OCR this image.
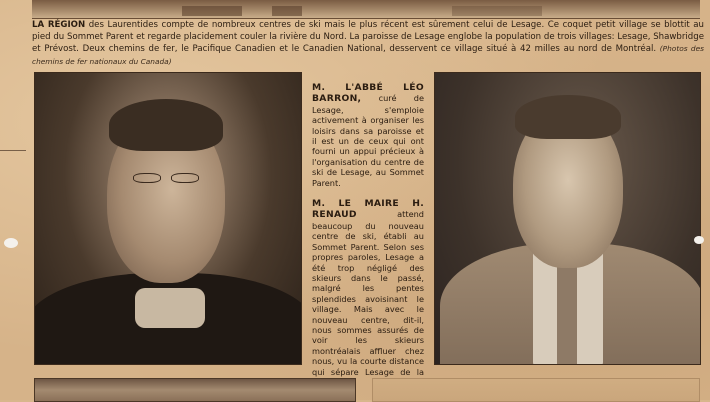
LA RÉGION des Laurentides compte de nombreux centres de ski mais le plus récent est sûrement celui de Lesage. Ce coquet petit village se blottit au pied du Sommet Parent et regarde placidement couler la rivière du Nord. La paroisse de Lesage englobe la population de trois villages: Lesage, Shawbridge et Prévost. Deux chemins de fer, le Pacifique Canadien et le Canadien National, desservent ce village situé à 42 milles au nord de Montréal. (Photos des chemins de fer nationaux du Canada)

M. L'ABBÉ LÉO BARRON, curé de Lesage, s'emploie activement à organiser les loisirs dans sa paroisse et il est un de ceux qui ont fourni un appui précieux à l'organisation du centre de ski de Lesage, au Sommet Parent.

M. LE MAIRE H. RENAUD	attend beaucoup du nouveau centre de ski, établi au Sommet Parent. Selon ses propres paroles, Lesage a été trop négligé des skieurs dans le passé, malgré les pentes splendides avoisinant le village. Mais avec le nouveau centre, dit-il, nous sommes assurés de voir les skieurs montréalais affluer chez nous, vu la courte distance qui sépare Lesage de la
